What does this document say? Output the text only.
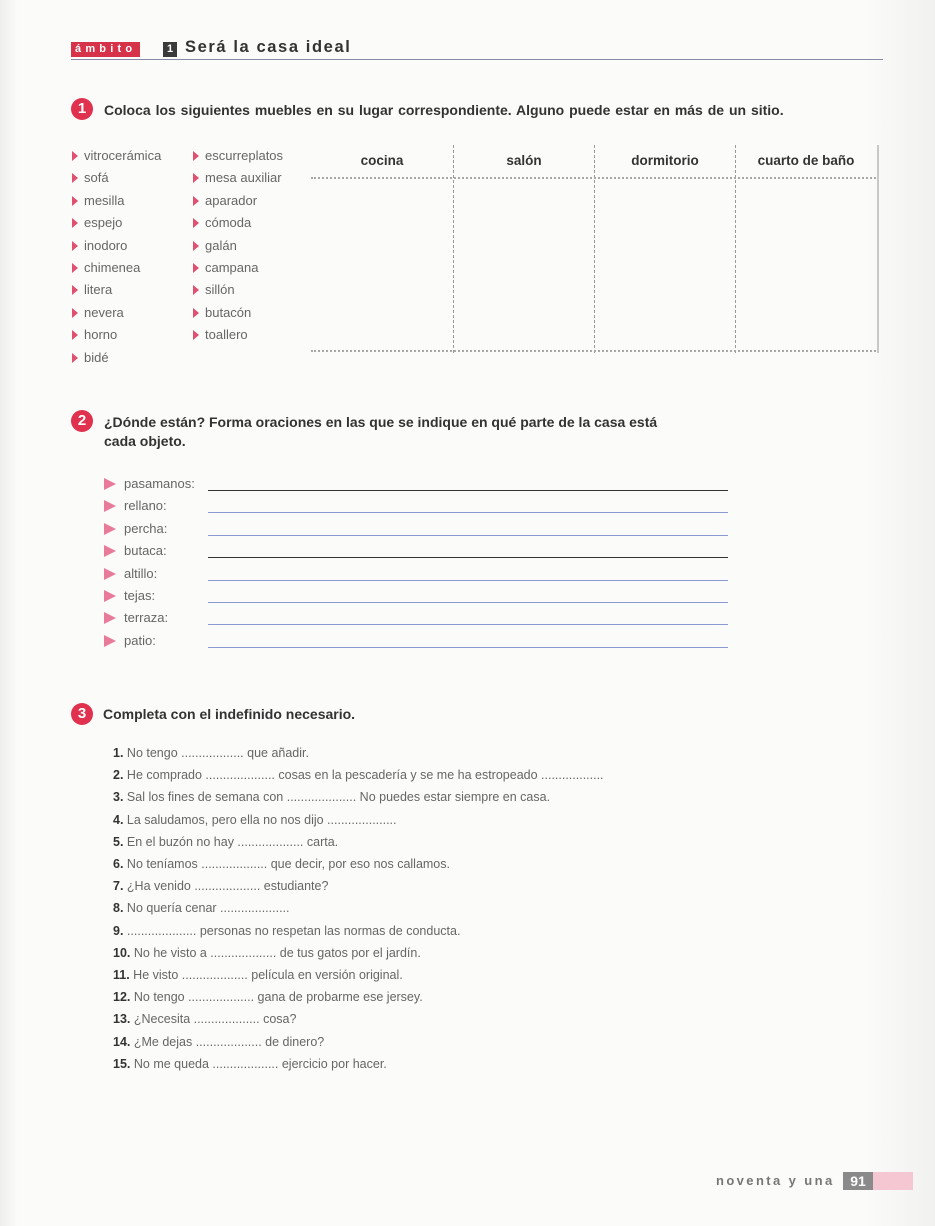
ámbito	1 Será la casa ideal
1	Coloca los siguientes muebles en su lugar correspondiente. Alguno puede estar en más de un sitio.
vitrocerámica
sofá
mesilla
espejo
inodoro
chimenea
litera
nevera
horno
bidé
escurreplatos
mesa auxiliar
aparador
cómoda
galán
campana
sillón
butacón
toallero
cocina	salón	dormitorio	cuarto de baño
2	¿Dónde están? Forma oraciones en las que se indique en qué parte de la casa está
cada objeto.
pasamanos:
rellano:
percha:
butaca:
altillo:
tejas:
terraza:
patio:
3	Completa con el indefinido necesario.
1. No tengo .................. que añadir.
2. He comprado .................... cosas en la pescadería y se me ha estropeado ..................
3. Sal los fines de semana con .................... No puedes estar siempre en casa.
4. La saludamos, pero ella no nos dijo ....................
5. En el buzón no hay ................... carta.
6. No teníamos ................... que decir, por eso nos callamos.
7. ¿Ha venido ................... estudiante?
8. No quería cenar ....................
9. .................... personas no respetan las normas de conducta.
10. No he visto a ................... de tus gatos por el jardín.
11. He visto ................... película en versión original.
12. No tengo ................... gana de probarme ese jersey.
13. ¿Necesita ................... cosa?
14. ¿Me dejas ................... de dinero?
15. No me queda ................... ejercicio por hacer.
noventa y una	91
